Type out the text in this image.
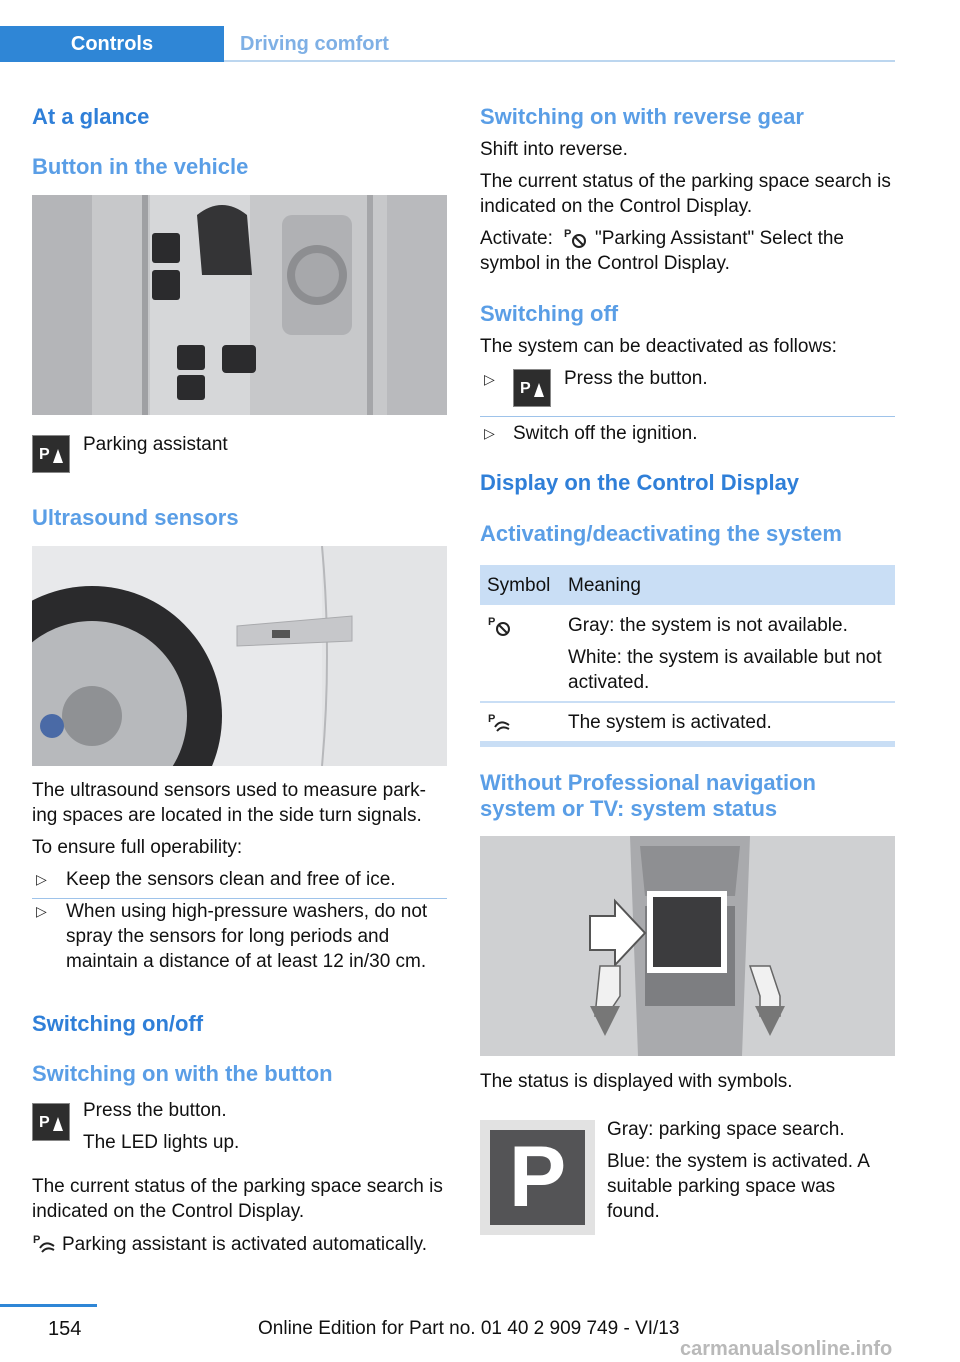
Controls	Driving comfort
At a glance
Button in the vehicle
P Parking assistant
Ultrasound sensors
The ultrasound sensors used to measure park-ing spaces are located in the side turn signals.
To ensure full operability:
▷ Keep the sensors clean and free of ice.
▷ When using high-pressure washers, do not spray the sensors for long periods and maintain a distance of at least 12 in/30 cm.
Switching on/off
Switching on with the button
P
Press the button.
The LED lights up.
The current status of the parking space search is indicated on the Control Display.
P Parking assistant is activated automatically.
Switching on with reverse gear
Shift into reverse.
The current status of the parking space search is indicated on the Control Display.
Activate: P	"Parking Assistant" Select the symbol in the Control Display.
Switching off
The system can be deactivated as follows:
▷
P Press the button.
▷ Switch off the ignition.
Display on the Control Display
Activating/deactivating the system
Symbol Meaning
P	Gray: the system is not available.
White: the system is available but not activated.
P	The system is activated.
Without Professional navigation system or TV: system status
The status is displayed with symbols.
P	Gray: parking space search.
Blue: the system is activated. A suitable parking space was found.
154	Online Edition for Part no. 01 40 2 909 749 - VI/13
carmanualsonline.info
